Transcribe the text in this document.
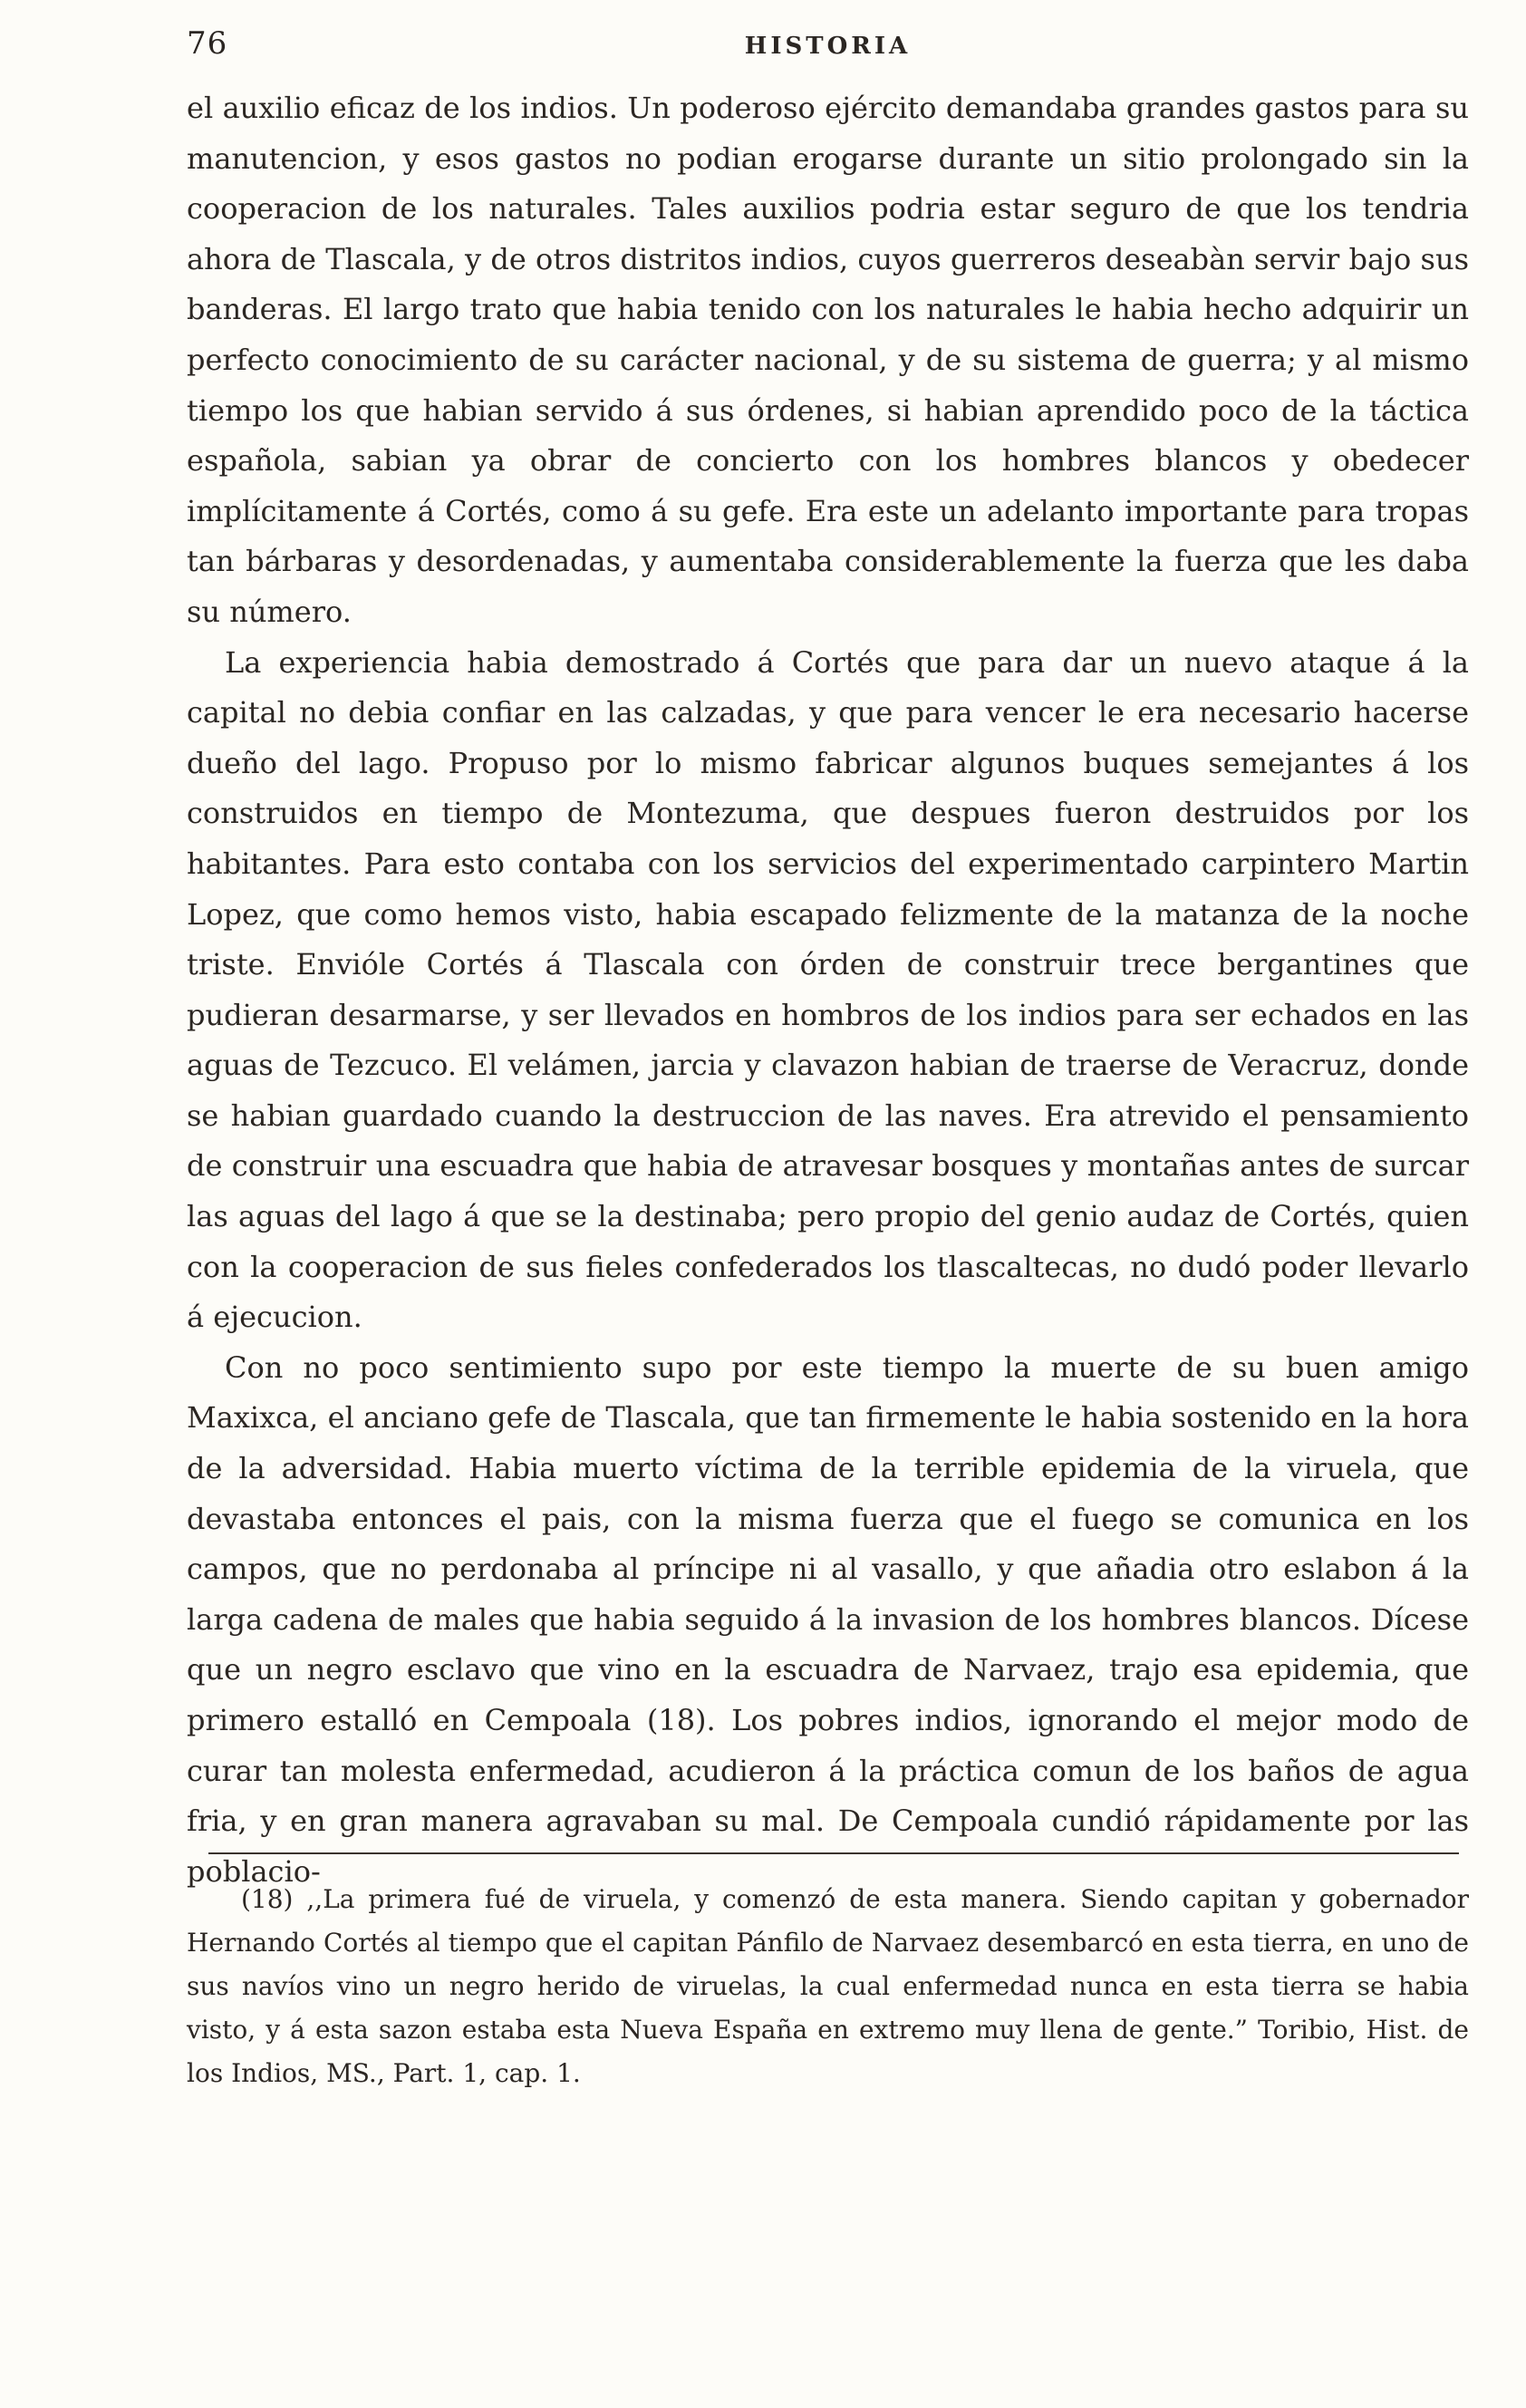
76	HISTORIA

el auxilio eficaz de los indios. Un poderoso ejército demandaba grandes gastos para su manutencion, y esos gastos no podian erogarse durante un sitio prolongado sin la cooperacion de los naturales. Tales auxilios podria estar seguro de que los tendria ahora de Tlascala, y de otros distritos indios, cuyos guerreros deseabàn servir bajo sus banderas. El largo trato que habia tenido con los naturales le habia hecho adquirir un perfecto conocimiento de su carácter nacional, y de su sistema de guerra; y al mismo tiempo los que habian servido á sus órdenes, si habian aprendido poco de la táctica española, sabian ya obrar de concierto con los hombres blancos y obedecer implícitamente á Cortés, como á su gefe. Era este un adelanto importante para tropas tan bárbaras y desordenadas, y aumentaba considerablemente la fuerza que les daba su número.

La experiencia habia demostrado á Cortés que para dar un nuevo ataque á la capital no debia confiar en las calzadas, y que para vencer le era necesario hacerse dueño del lago. Propuso por lo mismo fabricar algunos buques semejantes á los construidos en tiempo de Montezuma, que despues fueron destruidos por los habitantes. Para esto contaba con los servicios del experimentado carpintero Martin Lopez, que como hemos visto, habia escapado felizmente de la matanza de la noche triste. Envióle Cortés á Tlascala con órden de construir trece bergantines que pudieran desarmarse, y ser llevados en hombros de los indios para ser echados en las aguas de Tezcuco. El velámen, jarcia y clavazon habian de traerse de Veracruz, donde se habian guardado cuando la destruccion de las naves. Era atrevido el pensamiento de construir una escuadra que habia de atravesar bosques y montañas antes de surcar las aguas del lago á que se la destinaba; pero propio del genio audaz de Cortés, quien con la cooperacion de sus fieles confederados los tlascaltecas, no dudó poder llevarlo á ejecucion.

Con no poco sentimiento supo por este tiempo la muerte de su buen amigo Maxixca, el anciano gefe de Tlascala, que tan firmemente le habia sostenido en la hora de la adversidad. Habia muerto víctima de la terrible epidemia de la viruela, que devastaba entonces el pais, con la misma fuerza que el fuego se comunica en los campos, que no perdonaba al príncipe ni al vasallo, y que añadia otro eslabon á la larga cadena de males que habia seguido á la invasion de los hombres blancos. Dícese que un negro esclavo que vino en la escuadra de Narvaez, trajo esa epidemia, que primero estalló en Cempoala (18). Los pobres indios, ignorando el mejor modo de curar tan molesta enfermedad, acudieron á la práctica comun de los baños de agua fria, y en gran manera agravaban su mal. De Cempoala cundió rápidamente por las poblacio-

(18) ,,La primera fué de viruela, y comenzó de esta manera. Siendo capitan y gobernador Hernando Cortés al tiempo que el capitan Pánfilo de Narvaez desembarcó en esta tierra, en uno de sus navíos vino un negro herido de viruelas, la cual enfermedad nunca en esta tierra se habia visto, y á esta sazon estaba esta Nueva España en extremo muy llena de gente.” Toribio, Hist. de los Indios, MS., Part. 1, cap. 1.
